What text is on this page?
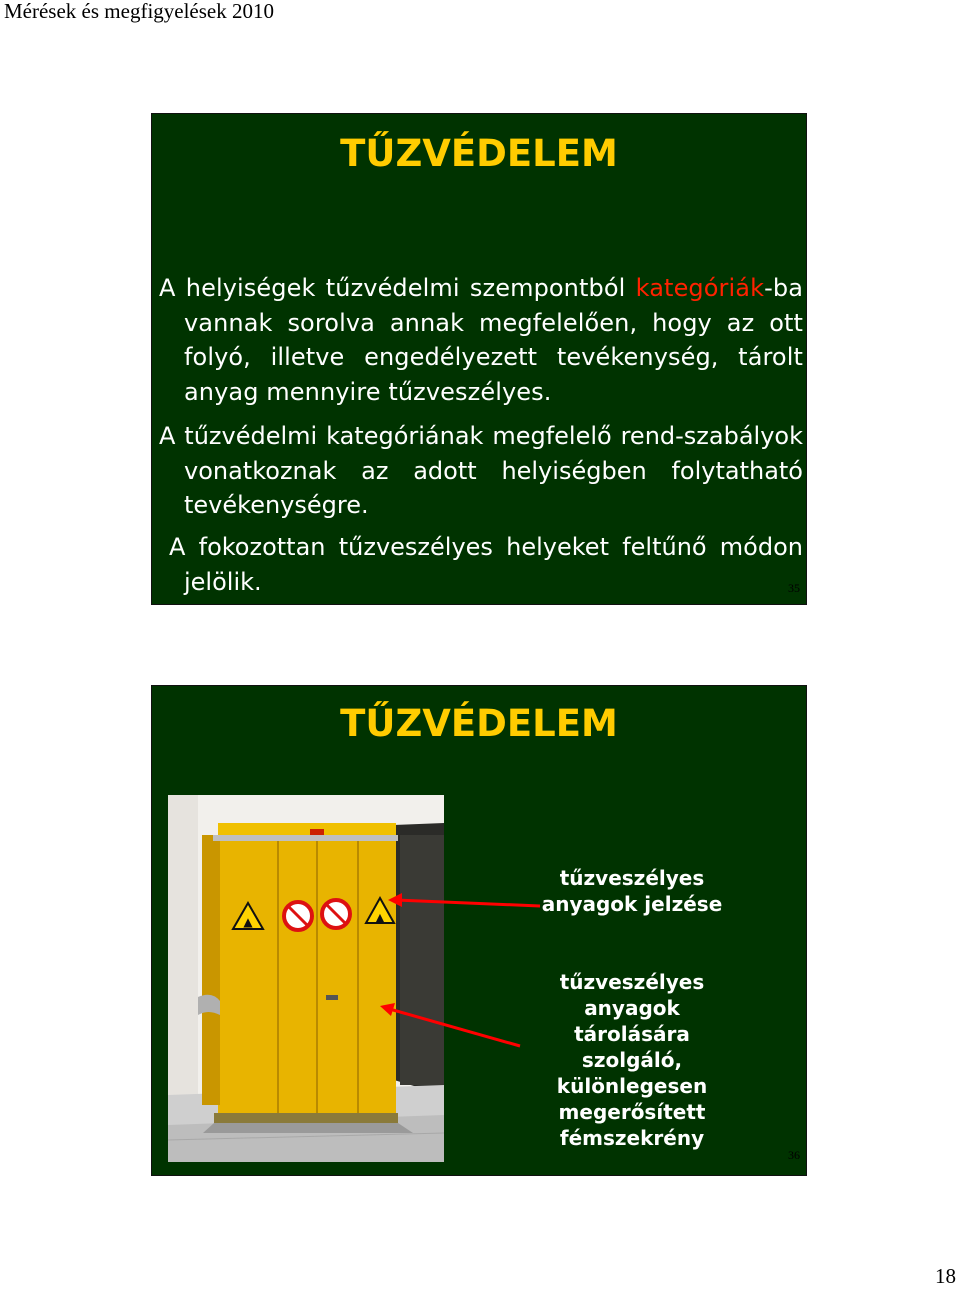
Mérések és megfigyelések 2010
TŰZVÉDELEM
A helyiségek tűzvédelmi szempontból kategóriák-ba vannak sorolva annak megfelelően, hogy az ott folyó, illetve engedélyezett tevékenység, tárolt anyag mennyire tűzveszélyes.
A tűzvédelmi kategóriának megfelelő rend-szabályok vonatkoznak az adott helyiségben folytatható tevékenységre.
A fokozottan tűzveszélyes helyeket feltűnő módon jelölik.	35
TŰZVÉDELEM
▲	▲
tűzveszélyes anyagok jelzése
tűzveszélyes anyagok tárolására szolgáló, különlegesen megerősített fémszekrény
36
18
